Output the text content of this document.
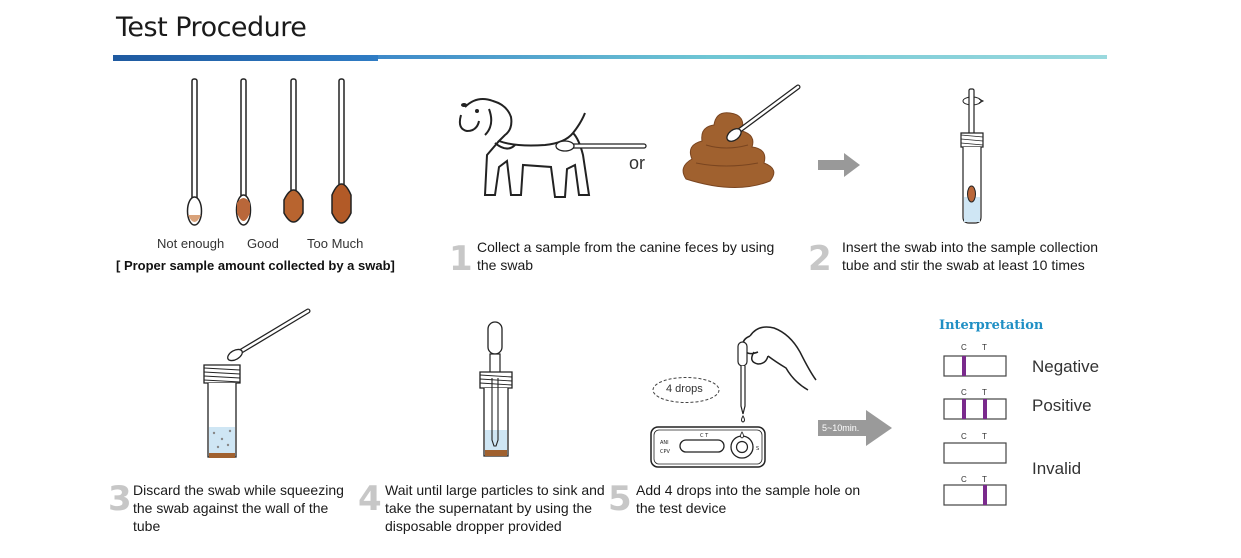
Test Procedure
Not enough Good Too Much
[ Proper sample amount collected by a swab]
or
1 Collect a sample from the canine feces by using the swab	2 Insert the swab into the sample collection tube and stir the swab at least 10 times
4 drops
ANI
CPV
C T
S
5~10min.
3 Discard the swab while squeezing the swab against the wall of the tube
4 Wait until large particles to sink and take the supernatant by using the disposable dropper provided
5 Add 4 drops into the sample hole on the test device
Interpretation
C T
Negative
C T
Positive
C T
Invalid
C T
